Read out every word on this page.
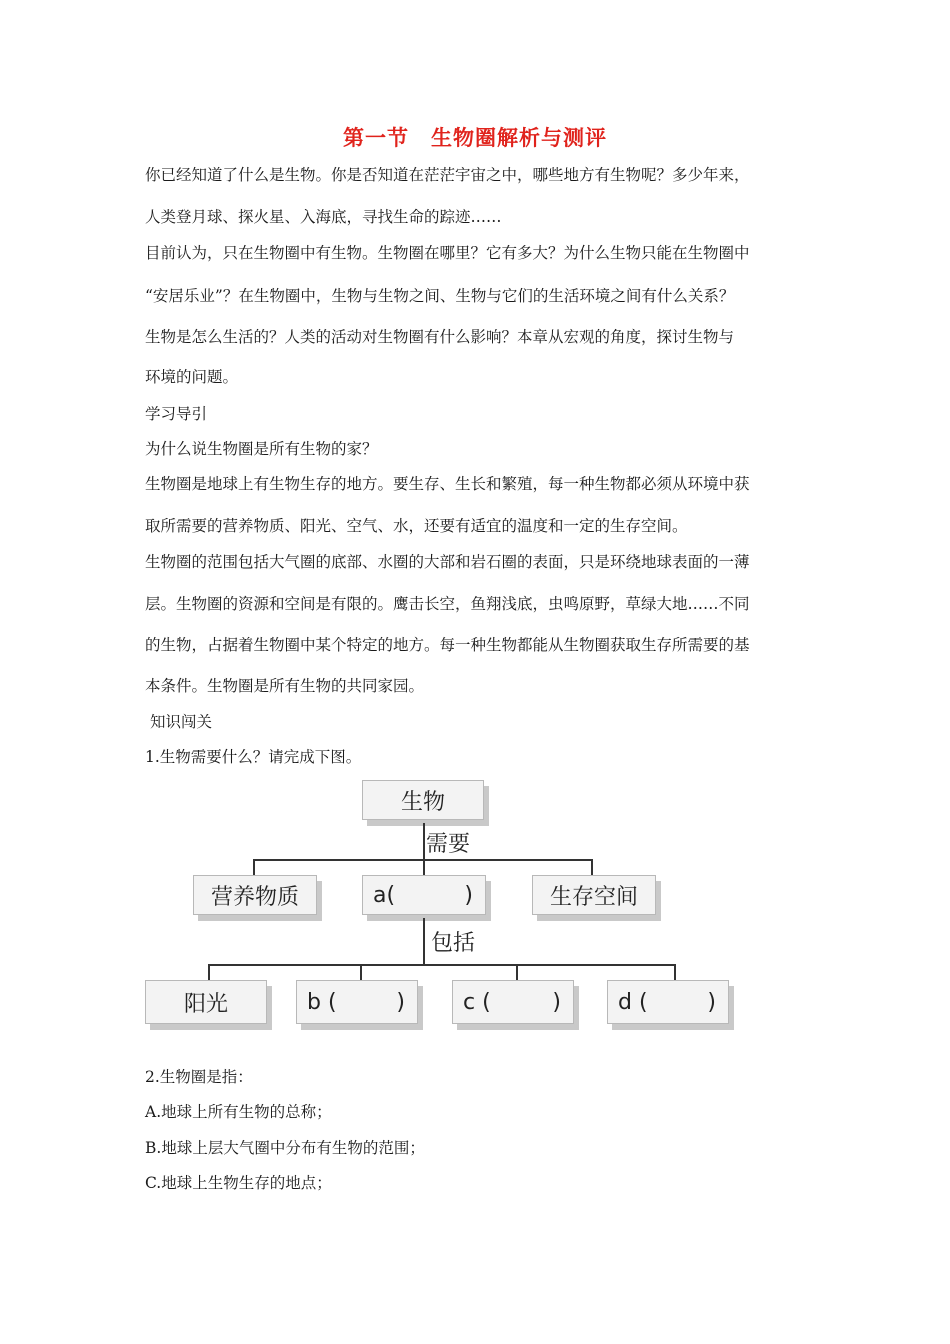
第一节　生物圈解析与测评
你已经知道了什么是生物。你是否知道在茫茫宇宙之中，哪些地方有生物呢？多少年来，
人类登月球、探火星、入海底，寻找生命的踪迹……
目前认为，只在生物圈中有生物。生物圈在哪里？它有多大？为什么生物只能在生物圈中
“安居乐业”？在生物圈中，生物与生物之间、生物与它们的生活环境之间有什么关系？
生物是怎么生活的？人类的活动对生物圈有什么影响？本章从宏观的角度，探讨生物与
环境的问题。
学习导引
为什么说生物圈是所有生物的家？
生物圈是地球上有生物生存的地方。要生存、生长和繁殖，每一种生物都必须从环境中获
取所需要的营养物质、阳光、空气、水，还要有适宜的温度和一定的生存空间。
生物圈的范围包括大气圈的底部、水圈的大部和岩石圈的表面，只是环绕地球表面的一薄
层。生物圈的资源和空间是有限的。鹰击长空，鱼翔浅底，虫鸣原野，草绿大地……不同
的生物，占据着生物圈中某个特定的地方。每一种生物都能从生物圈获取生存所需要的基
本条件。生物圈是所有生物的共同家园。
知识闯关
1.生物需要什么？请完成下图。
生物
需要
营养物质	a(	)	生存空间
包括
阳光	b (	)	c (	)	d (	)
2.生物圈是指：
A.地球上所有生物的总称；
B.地球上层大气圈中分布有生物的范围；
C.地球上生物生存的地点；
